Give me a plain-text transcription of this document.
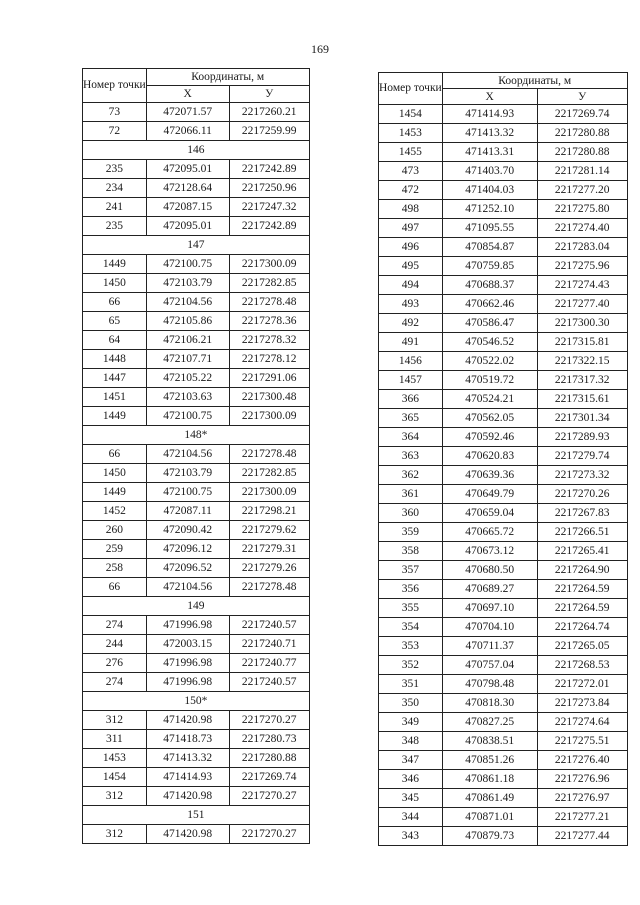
169
Номер точки	Координаты, м	
	X	У
73	472071.57	2217260.21
72	472066.11	2217259.99
146		
235	472095.01	2217242.89
234	472128.64	2217250.96
241	472087.15	2217247.32
235	472095.01	2217242.89
147		
1449	472100.75	2217300.09
1450	472103.79	2217282.85
66	472104.56	2217278.48
65	472105.86	2217278.36
64	472106.21	2217278.32
1448	472107.71	2217278.12
1447	472105.22	2217291.06
1451	472103.63	2217300.48
1449	472100.75	2217300.09
148*		
66	472104.56	2217278.48
1450	472103.79	2217282.85
1449	472100.75	2217300.09
1452	472087.11	2217298.21
260	472090.42	2217279.62
259	472096.12	2217279.31
258	472096.52	2217279.26
66	472104.56	2217278.48
149		
274	471996.98	2217240.57
244	472003.15	2217240.71
276	471996.98	2217240.77
274	471996.98	2217240.57
150*		
312	471420.98	2217270.27
311	471418.73	2217280.73
1453	471413.32	2217280.88
1454	471414.93	2217269.74
312	471420.98	2217270.27
151		
312	471420.98	2217270.27
Номер точки	Координаты, м	
	X	У
1454	471414.93	2217269.74
1453	471413.32	2217280.88
1455	471413.31	2217280.88
473	471403.70	2217281.14
472	471404.03	2217277.20
498	471252.10	2217275.80
497	471095.55	2217274.40
496	470854.87	2217283.04
495	470759.85	2217275.96
494	470688.37	2217274.43
493	470662.46	2217277.40
492	470586.47	2217300.30
491	470546.52	2217315.81
1456	470522.02	2217322.15
1457	470519.72	2217317.32
366	470524.21	2217315.61
365	470562.05	2217301.34
364	470592.46	2217289.93
363	470620.83	2217279.74
362	470639.36	2217273.32
361	470649.79	2217270.26
360	470659.04	2217267.83
359	470665.72	2217266.51
358	470673.12	2217265.41
357	470680.50	2217264.90
356	470689.27	2217264.59
355	470697.10	2217264.59
354	470704.10	2217264.74
353	470711.37	2217265.05
352	470757.04	2217268.53
351	470798.48	2217272.01
350	470818.30	2217273.84
349	470827.25	2217274.64
348	470838.51	2217275.51
347	470851.26	2217276.40
346	470861.18	2217276.96
345	470861.49	2217276.97
344	470871.01	2217277.21
343	470879.73	2217277.44
